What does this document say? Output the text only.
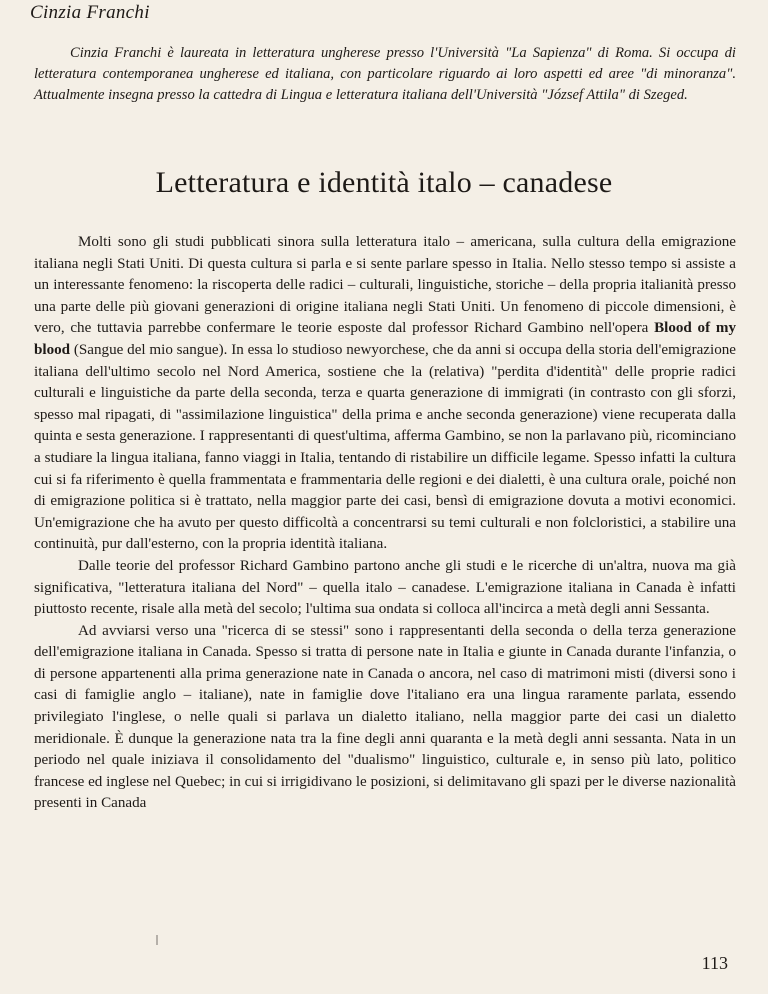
Cinzia Franchi

Cinzia Franchi è laureata in letteratura ungherese presso l'Università "La Sapienza" di Roma. Si occupa di letteratura contemporanea ungherese ed italiana, con particolare riguardo ai loro aspetti ed aree "di minoranza". Attualmente insegna presso la cattedra di Lingua e letteratura italiana dell'Università "József Attila" di Szeged.

Letteratura e identità italo – canadese

Molti sono gli studi pubblicati sinora sulla letteratura italo – americana, sulla cultura della emigrazione italiana negli Stati Uniti. Di questa cultura si parla e si sente parlare spesso in Italia. Nello stesso tempo si assiste a un interessante fenomeno: la riscoperta delle radici – culturali, linguistiche, storiche – della propria italianità presso una parte delle più giovani generazioni di origine italiana negli Stati Uniti. Un fenomeno di piccole dimensioni, è vero, che tuttavia parrebbe confermare le teorie esposte dal professor Richard Gambino nell'opera Blood of my blood (Sangue del mio sangue). In essa lo studioso newyorchese, che da anni si occupa della storia dell'emigrazione italiana dell'ultimo secolo nel Nord America, sostiene che la (relativa) "perdita d'identità" delle proprie radici culturali e linguistiche da parte della seconda, terza e quarta generazione di immigrati (in contrasto con gli sforzi, spesso mal ripagati, di "assimilazione linguistica" della prima e anche seconda generazione) viene recuperata dalla quinta e sesta generazione. I rappresentanti di quest'ultima, afferma Gambino, se non la parlavano più, ricominciano a studiare la lingua italiana, fanno viaggi in Italia, tentando di ristabilire un difficile legame. Spesso infatti la cultura cui si fa riferimento è quella frammentata e frammentaria delle regioni e dei dialetti, è una cultura orale, poiché non di emigrazione politica si è trattato, nella maggior parte dei casi, bensì di emigrazione dovuta a motivi economici. Un'emigrazione che ha avuto per questo difficoltà a concentrarsi su temi culturali e non folcloristici, a stabilire una continuità, pur dall'esterno, con la propria identità italiana.

Dalle teorie del professor Richard Gambino partono anche gli studi e le ricerche di un'altra, nuova ma già significativa, "letteratura italiana del Nord" – quella italo – canadese. L'emigrazione italiana in Canada è infatti piuttosto recente, risale alla metà del secolo; l'ultima sua ondata si colloca all'incirca a metà degli anni Sessanta.

Ad avviarsi verso una "ricerca di se stessi" sono i rappresentanti della seconda o della terza generazione dell'emigrazione italiana in Canada. Spesso si tratta di persone nate in Italia e giunte in Canada durante l'infanzia, o di persone appartenenti alla prima generazione nate in Canada o ancora, nel caso di matrimoni misti (diversi sono i casi di famiglie anglo – italiane), nate in famiglie dove l'italiano era una lingua raramente parlata, essendo privilegiato l'inglese, o nelle quali si parlava un dialetto italiano, nella maggior parte dei casi un dialetto meridionale. È dunque la generazione nata tra la fine degli anni quaranta e la metà degli anni sessanta. Nata in un periodo nel quale iniziava il consolidamento del "dualismo" linguistico, culturale e, in senso più lato, politico francese ed inglese nel Quebec; in cui si irrigidivano le posizioni, si delimitavano gli spazi per le diverse nazionalità presenti in Canada

113
